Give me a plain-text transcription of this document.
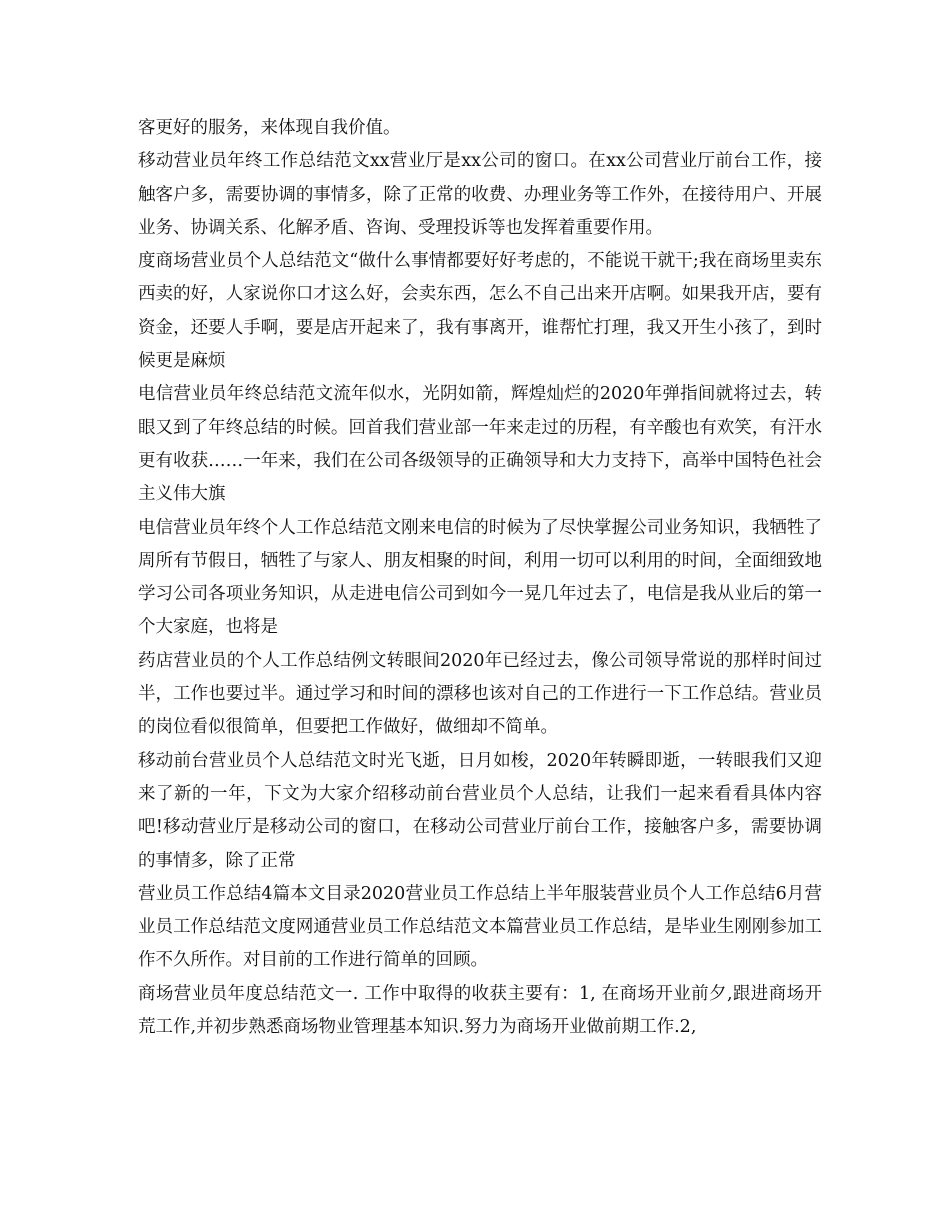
客更好的服务，来体现自我价值。

移动营业员年终工作总结范文xx营业厅是xx公司的窗口。在xx公司营业厅前台工作，接触客户多，需要协调的事情多，除了正常的收费、办理业务等工作外，在接待用户、开展业务、协调关系、化解矛盾、咨询、受理投诉等也发挥着重要作用。

度商场营业员个人总结范文“做什么事情都要好好考虑的，不能说干就干;我在商场里卖东西卖的好，人家说你口才这么好，会卖东西，怎么不自己出来开店啊。如果我开店，要有资金，还要人手啊，要是店开起来了，我有事离开，谁帮忙打理，我又开生小孩了，到时候更是麻烦

电信营业员年终总结范文流年似水，光阴如箭，辉煌灿烂的2020年弹指间就将过去，转眼又到了年终总结的时候。回首我们营业部一年来走过的历程，有辛酸也有欢笑，有汗水更有收获……一年来，我们在公司各级领导的正确领导和大力支持下，高举中国特色社会主义伟大旗

电信营业员年终个人工作总结范文刚来电信的时候为了尽快掌握公司业务知识，我牺牲了周所有节假日，牺牲了与家人、朋友相聚的时间，利用一切可以利用的时间，全面细致地学习公司各项业务知识，从走进电信公司到如今一晃几年过去了，电信是我从业后的第一个大家庭，也将是

药店营业员的个人工作总结例文转眼间2020年已经过去，像公司领导常说的那样时间过半，工作也要过半。通过学习和时间的漂移也该对自己的工作进行一下工作总结。营业员的岗位看似很简单，但要把工作做好，做细却不简单。

移动前台营业员个人总结范文时光飞逝，日月如梭，2020年转瞬即逝，一转眼我们又迎来了新的一年，下文为大家介绍移动前台营业员个人总结，让我们一起来看看具体内容吧!移动营业厅是移动公司的窗口，在移动公司营业厅前台工作，接触客户多，需要协调的事情多，除了正常

营业员工作总结4篇本文目录2020营业员工作总结上半年服装营业员个人工作总结6月营业员工作总结范文度网通营业员工作总结范文本篇营业员工作总结，是毕业生刚刚参加工作不久所作。对目前的工作进行简单的回顾。

商场营业员年度总结范文一. 工作中取得的收获主要有：1, 在商场开业前夕,跟进商场开荒工作,并初步熟悉商场物业管理基本知识.努力为商场开业做前期工作.2,
